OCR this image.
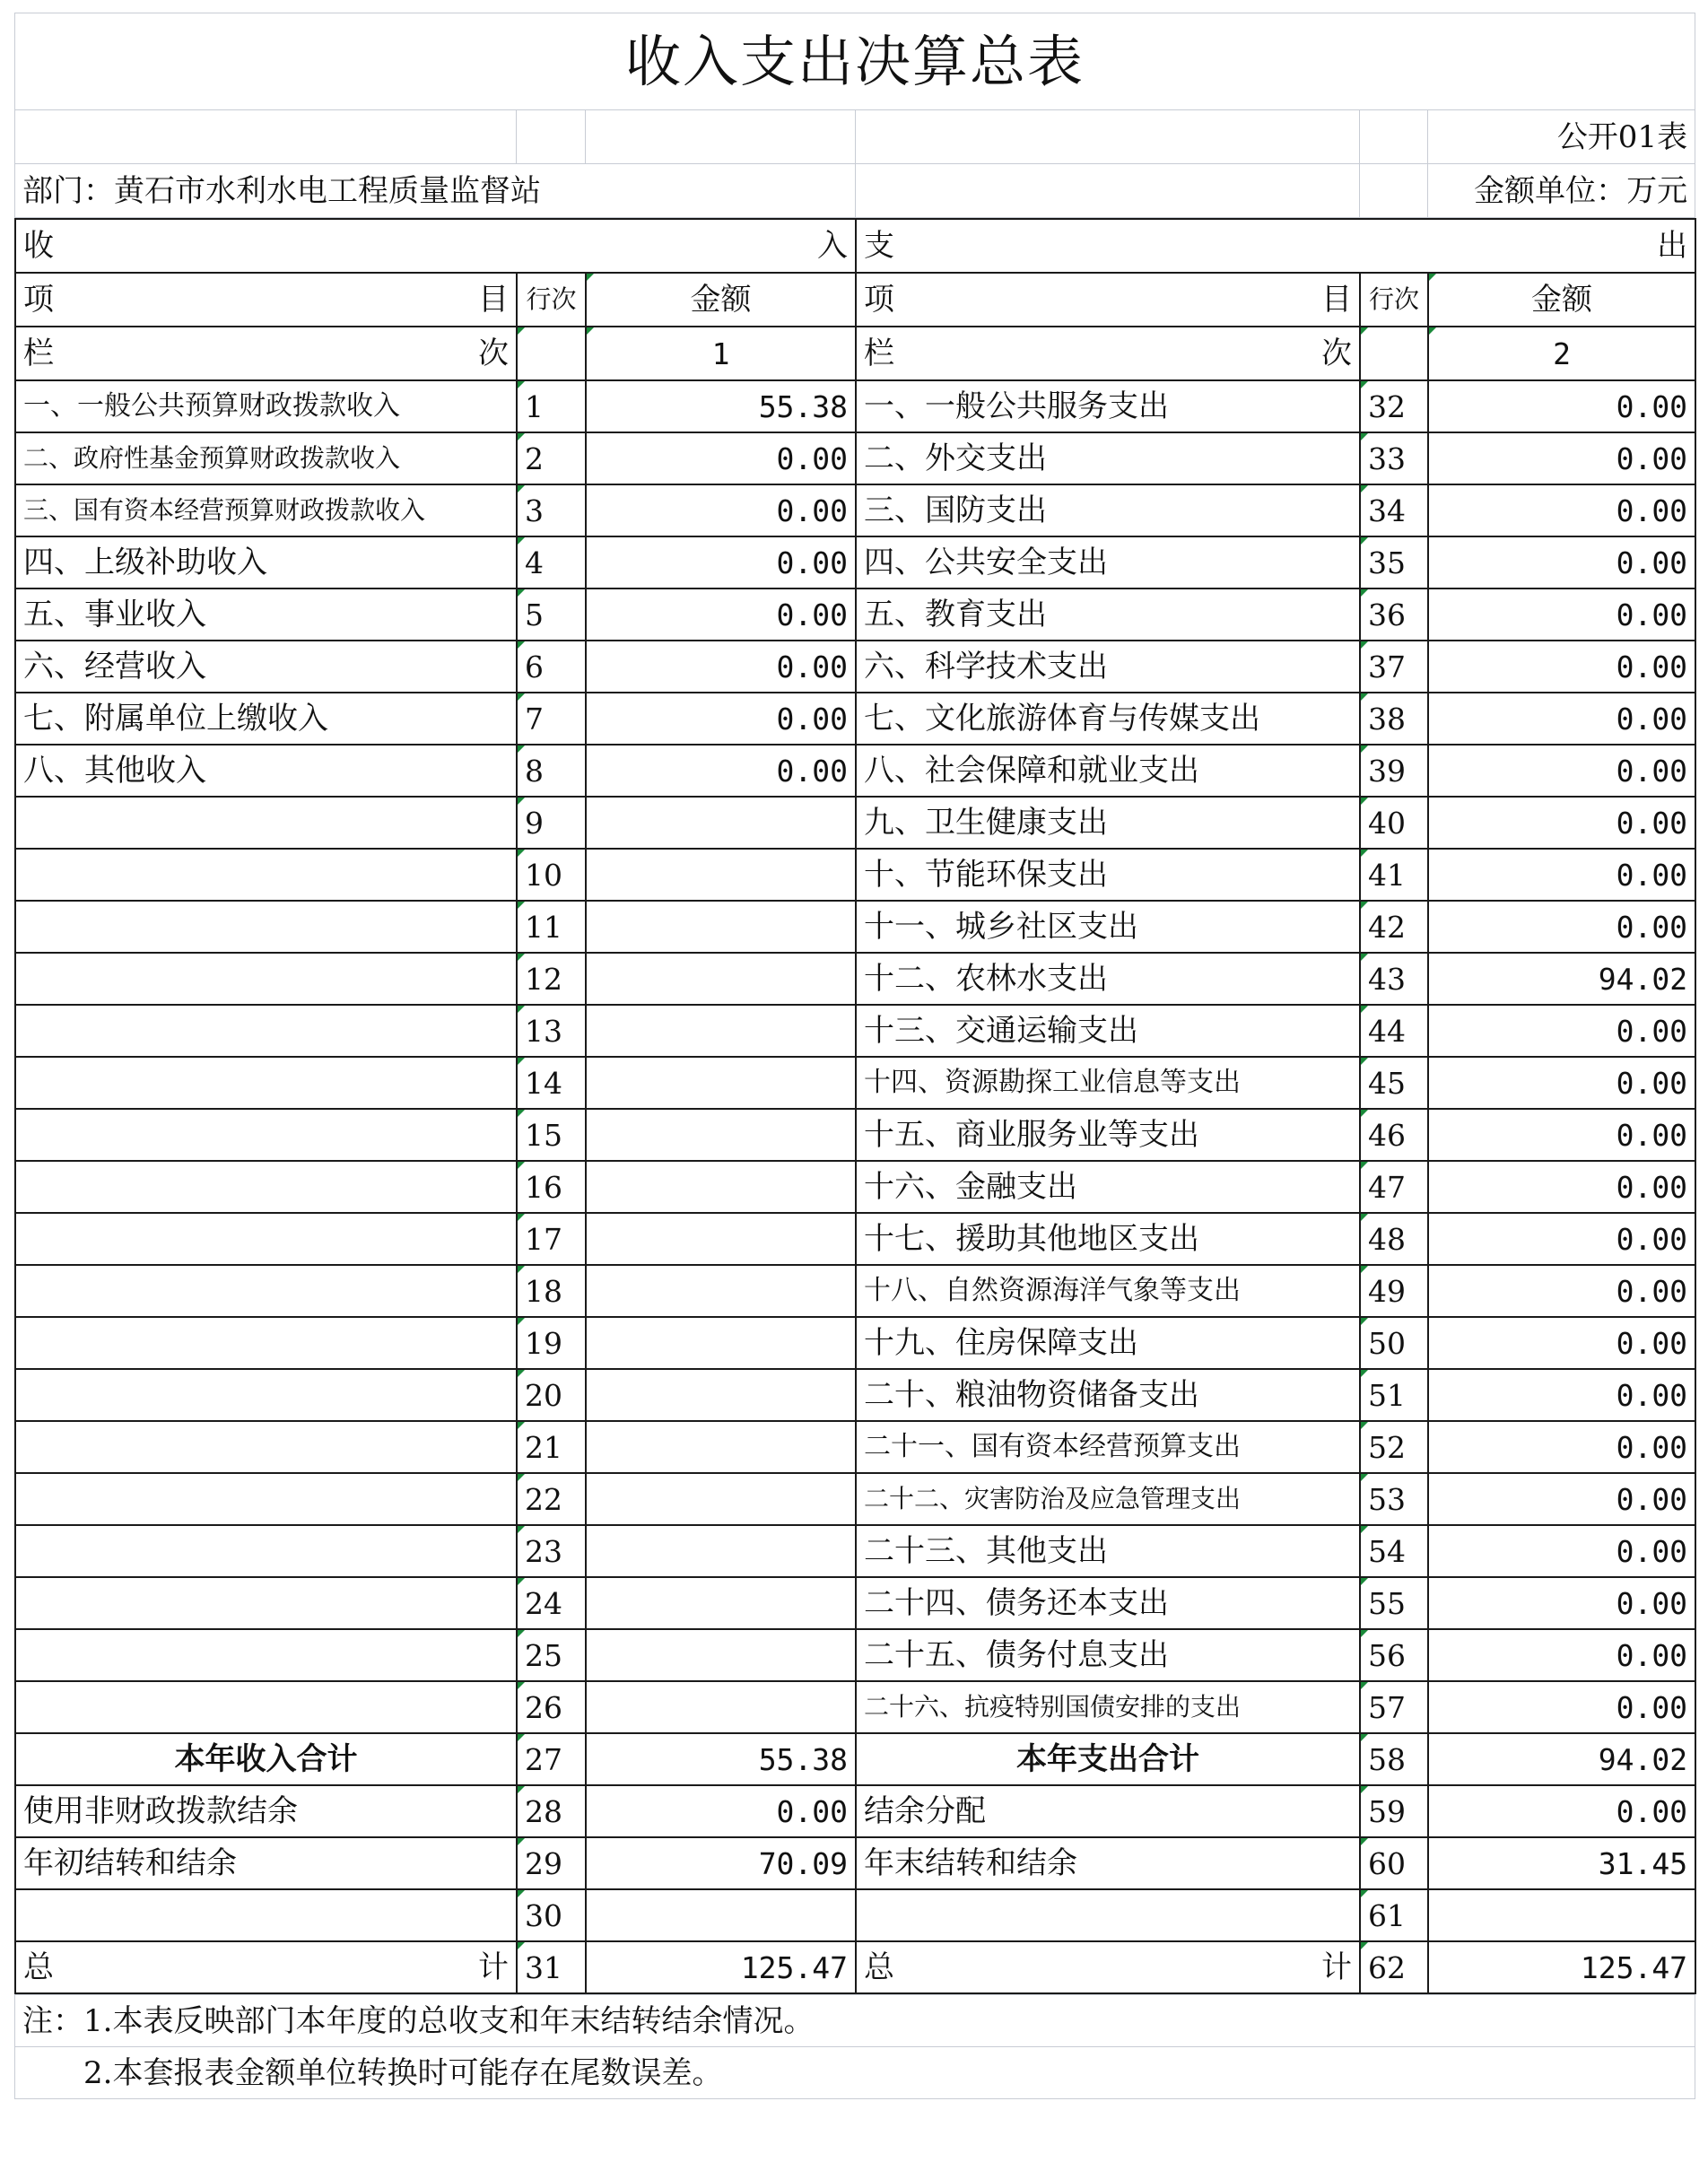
收入支出决算总表					
					公开01表
部门：黄石市水利水电工程质量监督站					金额单位：万元
收 入			支 出		

项 目	行次	金额	项 目	行次	金额

栏 次		1	栏 次		2
一、一般公共预算财政拨款收入	1	55.38	一、一般公共服务支出	32	0.00
二、政府性基金预算财政拨款收入	2	0.00	二、外交支出	33	0.00
三、国有资本经营预算财政拨款收入	3	0.00	三、国防支出	34	0.00
四、上级补助收入	4	0.00	四、公共安全支出	35	0.00
五、事业收入	5	0.00	五、教育支出	36	0.00
六、经营收入	6	0.00	六、科学技术支出	37	0.00
七、附属单位上缴收入	7	0.00	七、文化旅游体育与传媒支出	38	0.00
八、其他收入	8	0.00	八、社会保障和就业支出	39	0.00
	9		九、卫生健康支出	40	0.00
	10		十、节能环保支出	41	0.00
	11		十一、城乡社区支出	42	0.00
	12		十二、农林水支出	43	94.02
	13		十三、交通运输支出	44	0.00
	14		十四、资源勘探工业信息等支出	45	0.00
	15		十五、商业服务业等支出	46	0.00
	16		十六、金融支出	47	0.00
	17		十七、援助其他地区支出	48	0.00
	18		十八、自然资源海洋气象等支出	49	0.00
	19		十九、住房保障支出	50	0.00
	20		二十、粮油物资储备支出	51	0.00
	21		二十一、国有资本经营预算支出	52	0.00
	22		二十二、灾害防治及应急管理支出	53	0.00
	23		二十三、其他支出	54	0.00
	24		二十四、债务还本支出	55	0.00
	25		二十五、债务付息支出	56	0.00
	26		二十六、抗疫特别国债安排的支出	57	0.00
本年收入合计	27	55.38	本年支出合计	58	94.02
使用非财政拨款结余	28	0.00	结余分配	59	0.00
年初结转和结余	29	70.09	年末结转和结余	60	31.45
	30			61	

总 计	31	125.47	总 计	62	125.47
注：1.本表反映部门本年度的总收支和年末结转结余情况。
　　2.本套报表金额单位转换时可能存在尾数误差。
